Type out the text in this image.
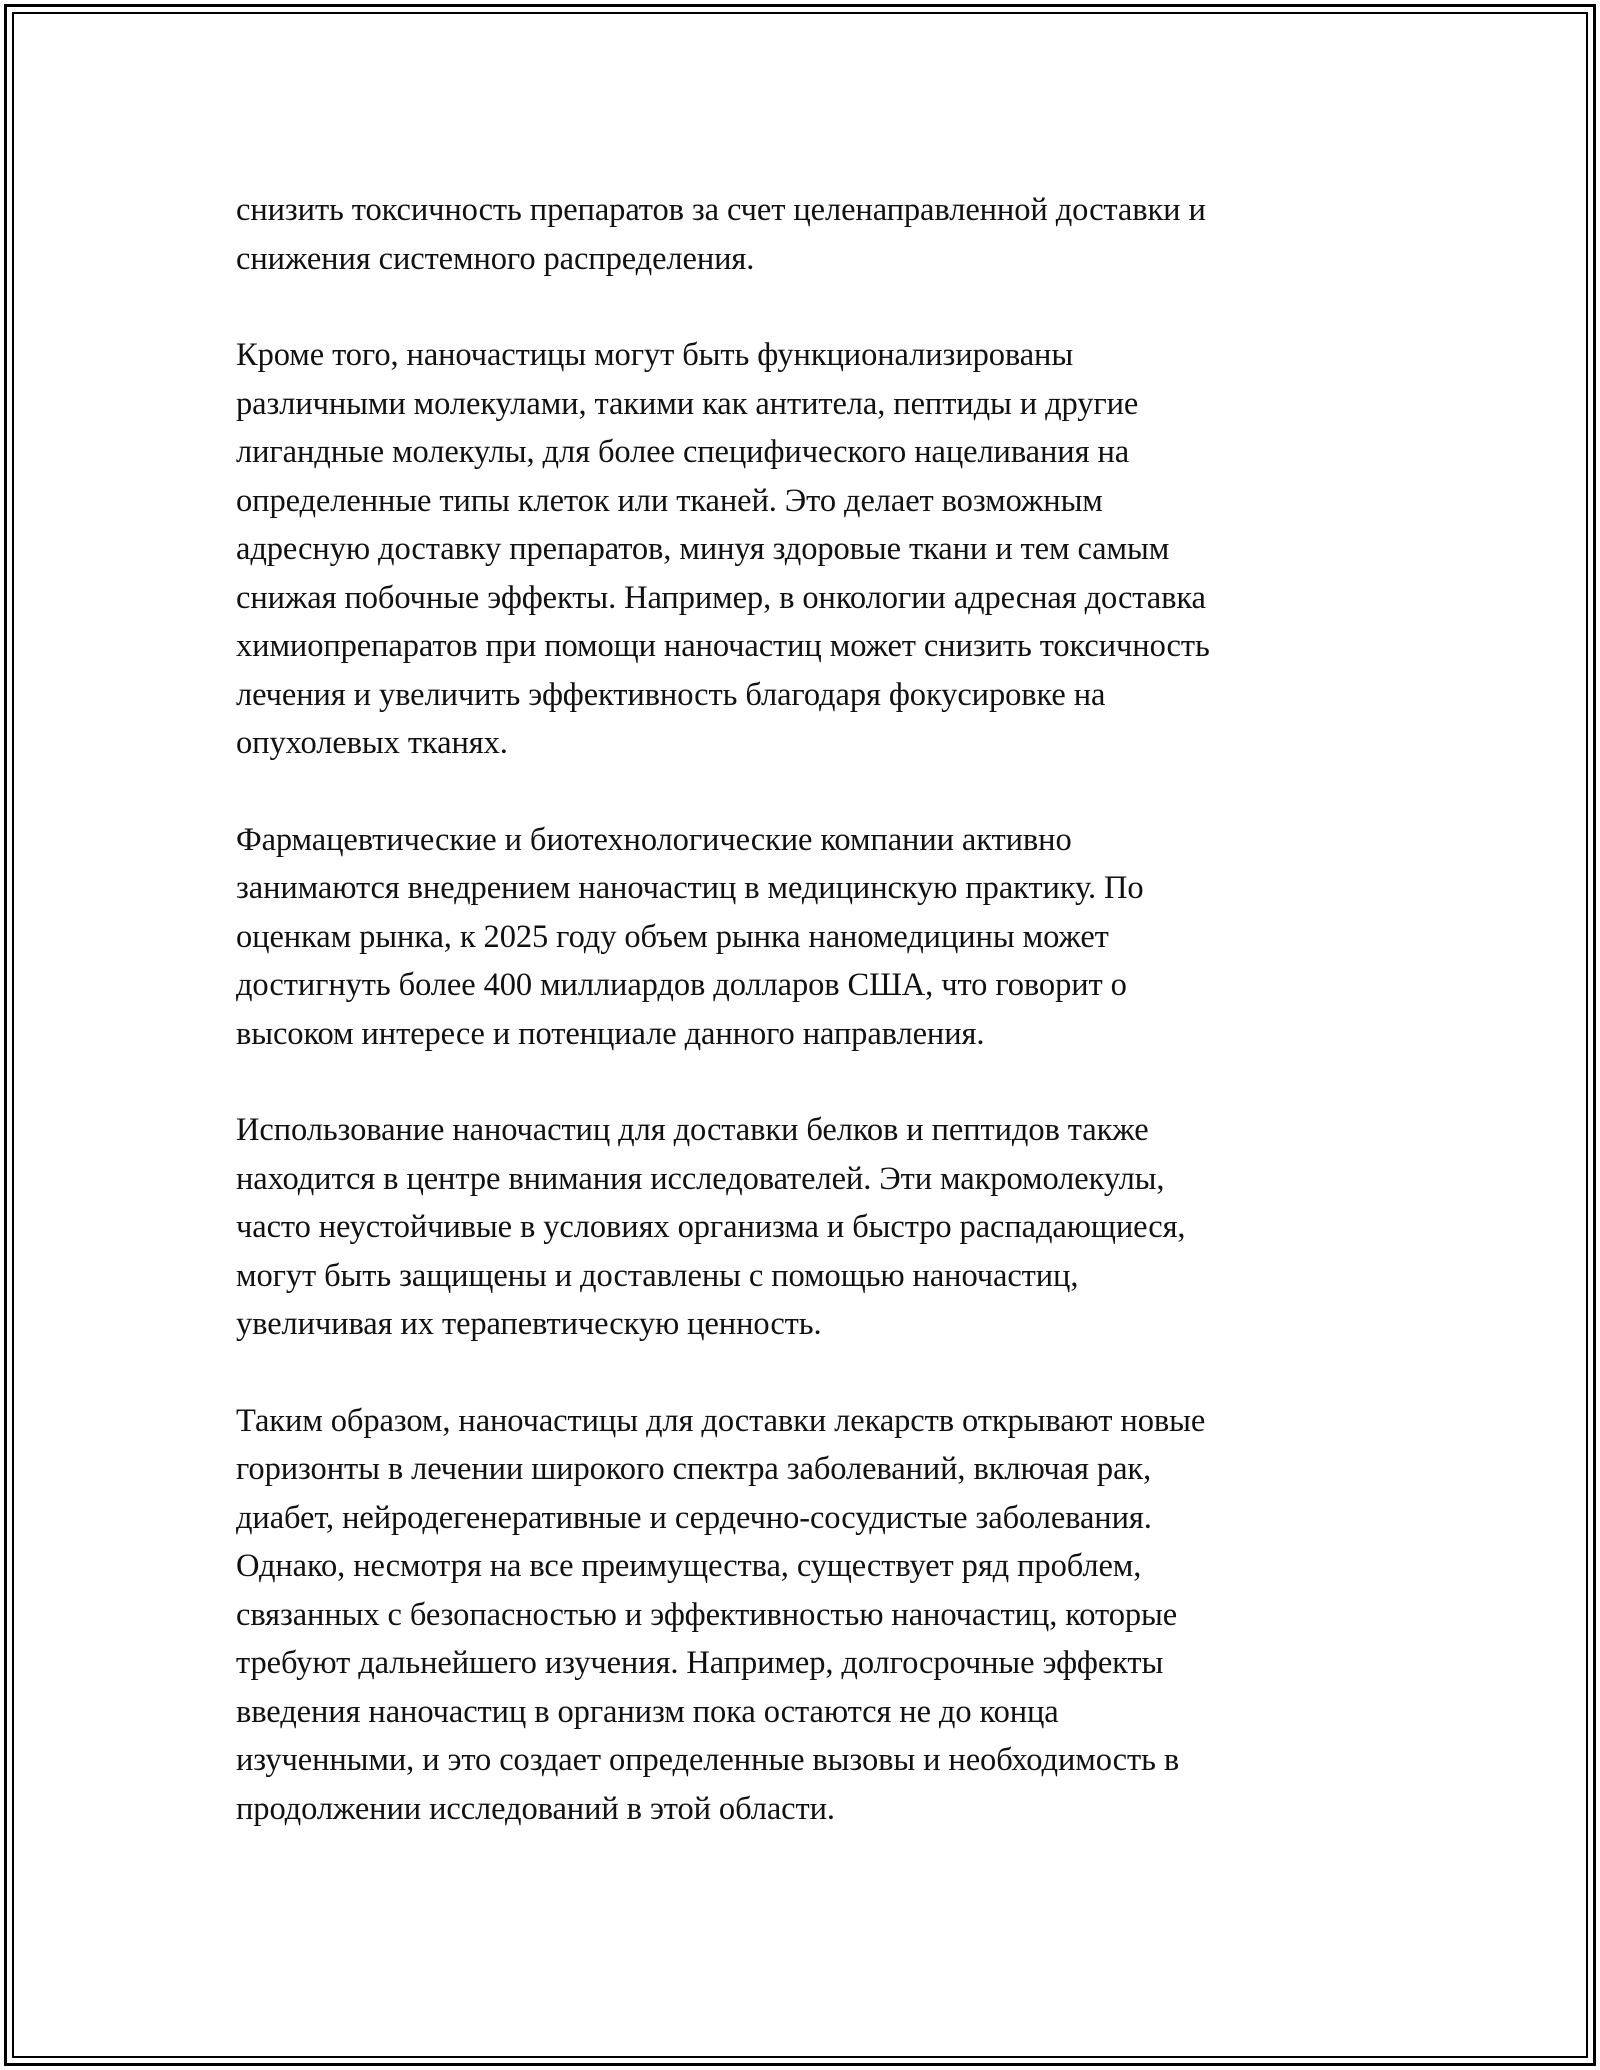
снизить токсичность препаратов за счет целенаправленной доставки и
снижения системного распределения.

Кроме того, наночастицы могут быть функционализированы
различными молекулами, такими как антитела, пептиды и другие
лигандные молекулы, для более специфического нацеливания на
определенные типы клеток или тканей. Это делает возможным
адресную доставку препаратов, минуя здоровые ткани и тем самым
снижая побочные эффекты. Например, в онкологии адресная доставка
химиопрепаратов при помощи наночастиц может снизить токсичность
лечения и увеличить эффективность благодаря фокусировке на
опухолевых тканях.

Фармацевтические и биотехнологические компании активно
занимаются внедрением наночастиц в медицинскую практику. По
оценкам рынка, к 2025 году объем рынка наномедицины может
достигнуть более 400 миллиардов долларов США, что говорит о
высоком интересе и потенциале данного направления.

Использование наночастиц для доставки белков и пептидов также
находится в центре внимания исследователей. Эти макромолекулы,
часто неустойчивые в условиях организма и быстро распадающиеся,
могут быть защищены и доставлены с помощью наночастиц,
увеличивая их терапевтическую ценность.

Таким образом, наночастицы для доставки лекарств открывают новые
горизонты в лечении широкого спектра заболеваний, включая рак,
диабет, нейродегенеративные и сердечно-сосудистые заболевания.
Однако, несмотря на все преимущества, существует ряд проблем,
связанных с безопасностью и эффективностью наночастиц, которые
требуют дальнейшего изучения. Например, долгосрочные эффекты
введения наночастиц в организм пока остаются не до конца
изученными, и это создает определенные вызовы и необходимость в
продолжении исследований в этой области.
